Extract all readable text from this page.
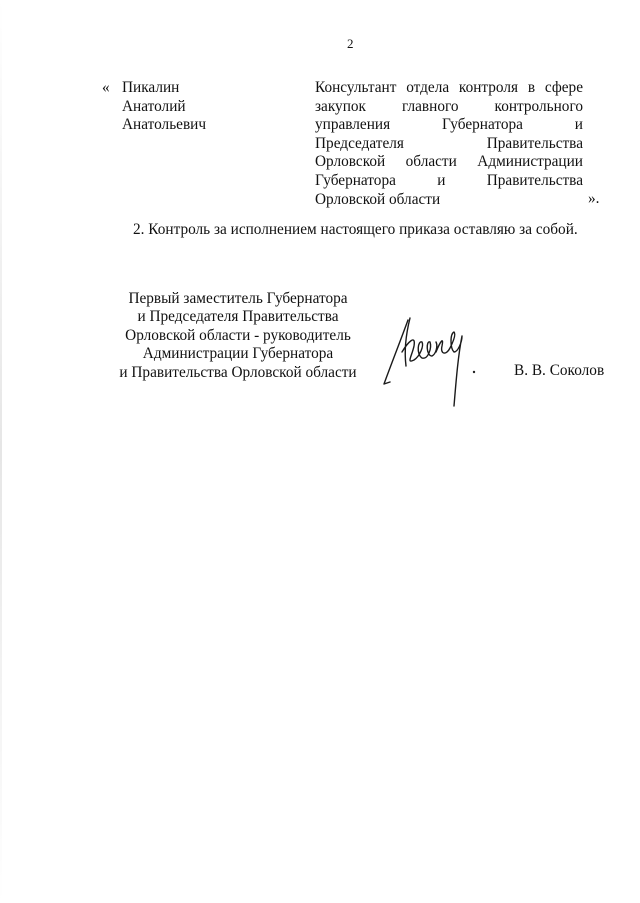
2
« Пикалин
Анатолий
Анатольевич
Консультант отдела контроля в сфере
закупок главного контрольного
управления Губернатора и
Председателя Правительства
Орловской области Администрации
Губернатора и Правительства
Орловской области	».
2. Контроль за исполнением настоящего приказа оставляю за собой.
Первый заместитель Губернатора
и Председателя Правительства
Орловской области - руководитель
Администрации Губернатора
и Правительства Орловской области	В. В. Соколов
